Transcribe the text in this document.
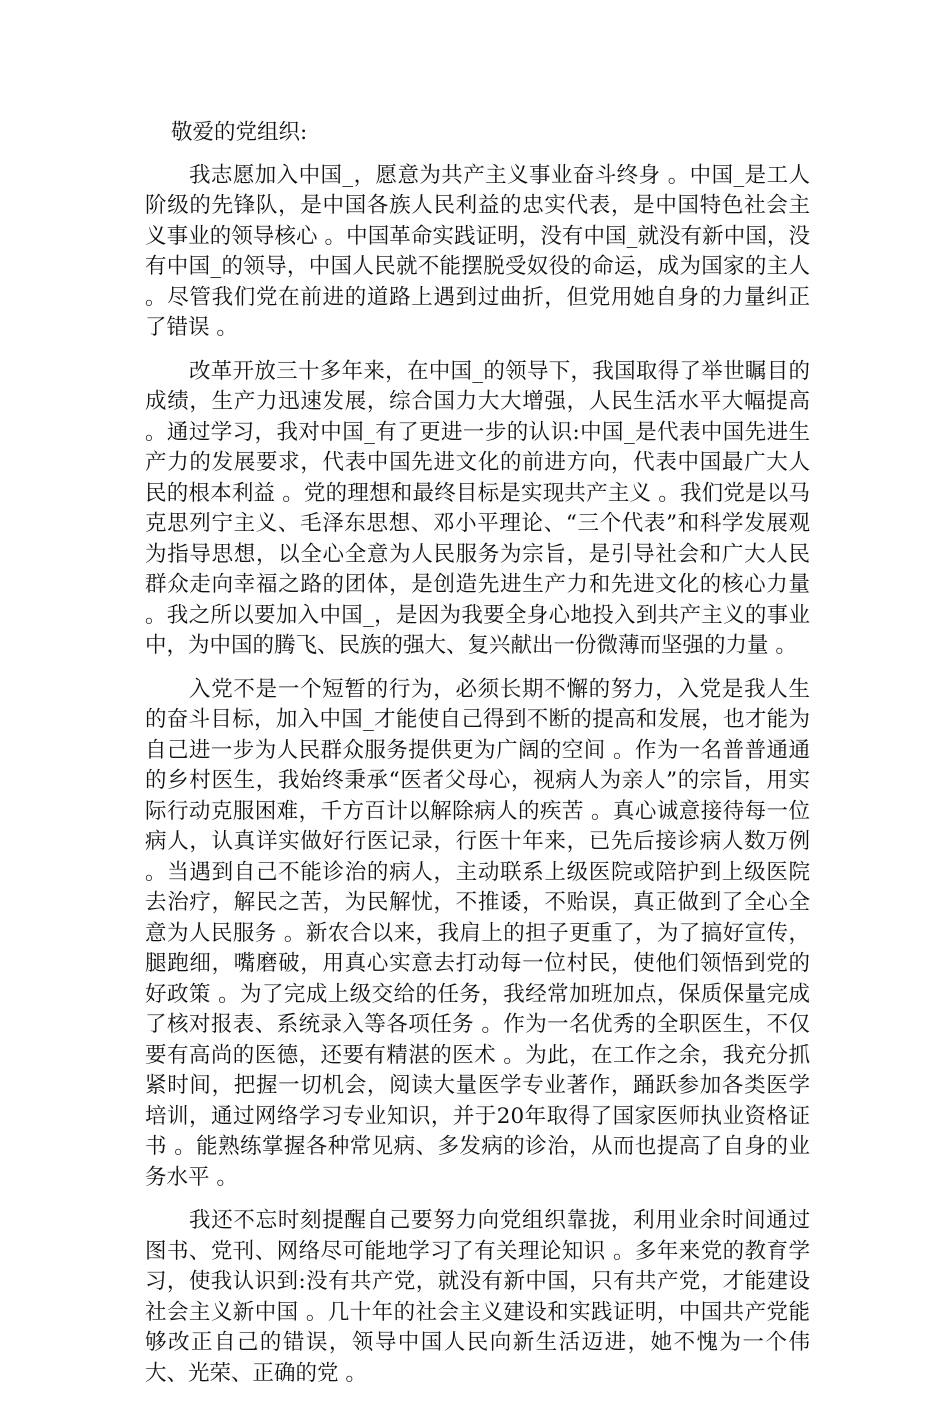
敬爱的党组织:

我志愿加入中国_，愿意为共产主义事业奋斗终身 。中国_是工人阶级的先锋队，是中国各族人民利益的忠实代表，是中国特色社会主义事业的领导核心 。中国革命实践证明，没有中国_就没有新中国，没有中国_的领导，中国人民就不能摆脱受奴役的命运，成为国家的主人 。尽管我们党在前进的道路上遇到过曲折，但党用她自身的力量纠正了错误 。

改革开放三十多年来，在中国_的领导下，我国取得了举世瞩目的成绩，生产力迅速发展，综合国力大大增强，人民生活水平大幅提高 。通过学习，我对中国_有了更进一步的认识:中国_是代表中国先进生产力的发展要求，代表中国先进文化的前进方向，代表中国最广大人民的根本利益 。党的理想和最终目标是实现共产主义 。我们党是以马克思列宁主义、毛泽东思想、邓小平理论、“三个代表”和科学发展观为指导思想，以全心全意为人民服务为宗旨，是引导社会和广大人民群众走向幸福之路的团体，是创造先进生产力和先进文化的核心力量 。我之所以要加入中国_，是因为我要全身心地投入到共产主义的事业中，为中国的腾飞、民族的强大、复兴献出一份微薄而坚强的力量 。

入党不是一个短暂的行为，必须长期不懈的努力，入党是我人生的奋斗目标，加入中国_才能使自己得到不断的提高和发展，也才能为自己进一步为人民群众服务提供更为广阔的空间 。作为一名普普通通的乡村医生，我始终秉承“医者父母心，视病人为亲人”的宗旨，用实际行动克服困难，千方百计以解除病人的疾苦 。真心诚意接待每一位病人，认真详实做好行医记录，行医十年来，已先后接诊病人数万例 。当遇到自己不能诊治的病人，主动联系上级医院或陪护到上级医院去治疗，解民之苦，为民解忧，不推诿，不贻误，真正做到了全心全意为人民服务 。新农合以来，我肩上的担子更重了，为了搞好宣传，腿跑细，嘴磨破，用真心实意去打动每一位村民，使他们领悟到党的好政策 。为了完成上级交给的任务，我经常加班加点，保质保量完成了核对报表、系统录入等各项任务 。作为一名优秀的全职医生，不仅要有高尚的医德，还要有精湛的医术 。为此，在工作之余，我充分抓紧时间，把握一切机会，阅读大量医学专业著作，踊跃参加各类医学培训，通过网络学习专业知识，并于20年取得了国家医师执业资格证书 。能熟练掌握各种常见病、多发病的诊治，从而也提高了自身的业务水平 。

我还不忘时刻提醒自己要努力向党组织靠拢，利用业余时间通过图书、党刊、网络尽可能地学习了有关理论知识 。多年来党的教育学习，使我认识到:没有共产党，就没有新中国，只有共产党，才能建设社会主义新中国 。几十年的社会主义建设和实践证明，中国共产党能够改正自己的错误，领导中国人民向新生活迈进，她不愧为一个伟大、光荣、正确的党 。
